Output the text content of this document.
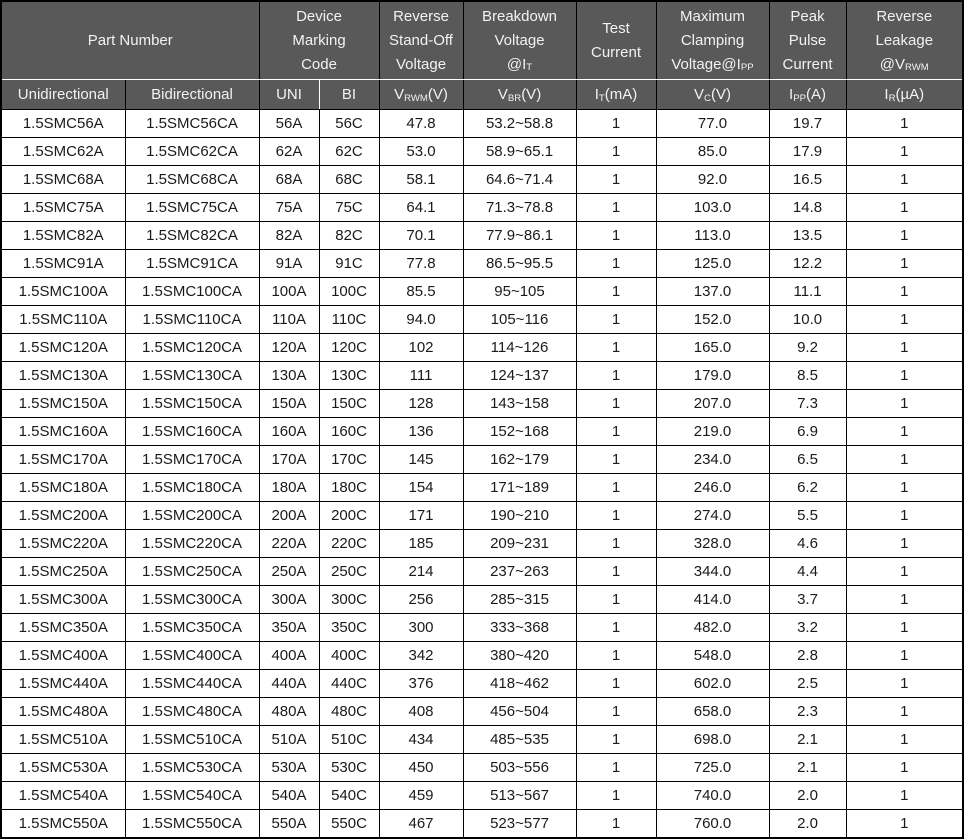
Part Number		Device
Marking
Code		Reverse
Stand-Off
Voltage	Breakdown
Voltage
$@I_T$	Test
Current	Maximum
Clamping
$Voltage@I_{PP}$	Peak
Pulse
Current	Reverse
Leakage
$@V_{RWM}$
Unidirectional	Bidirectional	UNI	BI	$V_{RWM}(V)$	$V_{BR}(V)$	$I_T(mA)$	$V_C(V)$	$I_{PP}(A)$	$I_R(\mu A)$
1.5SMC56A	1.5SMC56CA	56A	56C	47.8	53.2~58.8	1	77.0	19.7	1
1.5SMC62A	1.5SMC62CA	62A	62C	53.0	58.9~65.1	1	85.0	17.9	1
1.5SMC68A	1.5SMC68CA	68A	68C	58.1	64.6~71.4	1	92.0	16.5	1
1.5SMC75A	1.5SMC75CA	75A	75C	64.1	71.3~78.8	1	103.0	14.8	1
1.5SMC82A	1.5SMC82CA	82A	82C	70.1	77.9~86.1	1	113.0	13.5	1
1.5SMC91A	1.5SMC91CA	91A	91C	77.8	86.5~95.5	1	125.0	12.2	1
1.5SMC100A	1.5SMC100CA	100A	100C	85.5	95~105	1	137.0	11.1	1
1.5SMC110A	1.5SMC110CA	110A	110C	94.0	105~116	1	152.0	10.0	1
1.5SMC120A	1.5SMC120CA	120A	120C	102	114~126	1	165.0	9.2	1
1.5SMC130A	1.5SMC130CA	130A	130C	111	124~137	1	179.0	8.5	1
1.5SMC150A	1.5SMC150CA	150A	150C	128	143~158	1	207.0	7.3	1
1.5SMC160A	1.5SMC160CA	160A	160C	136	152~168	1	219.0	6.9	1
1.5SMC170A	1.5SMC170CA	170A	170C	145	162~179	1	234.0	6.5	1
1.5SMC180A	1.5SMC180CA	180A	180C	154	171~189	1	246.0	6.2	1
1.5SMC200A	1.5SMC200CA	200A	200C	171	190~210	1	274.0	5.5	1
1.5SMC220A	1.5SMC220CA	220A	220C	185	209~231	1	328.0	4.6	1
1.5SMC250A	1.5SMC250CA	250A	250C	214	237~263	1	344.0	4.4	1
1.5SMC300A	1.5SMC300CA	300A	300C	256	285~315	1	414.0	3.7	1
1.5SMC350A	1.5SMC350CA	350A	350C	300	333~368	1	482.0	3.2	1
1.5SMC400A	1.5SMC400CA	400A	400C	342	380~420	1	548.0	2.8	1
1.5SMC440A	1.5SMC440CA	440A	440C	376	418~462	1	602.0	2.5	1
1.5SMC480A	1.5SMC480CA	480A	480C	408	456~504	1	658.0	2.3	1
1.5SMC510A	1.5SMC510CA	510A	510C	434	485~535	1	698.0	2.1	1
1.5SMC530A	1.5SMC530CA	530A	530C	450	503~556	1	725.0	2.1	1
1.5SMC540A	1.5SMC540CA	540A	540C	459	513~567	1	740.0	2.0	1
1.5SMC550A	1.5SMC550CA	550A	550C	467	523~577	1	760.0	2.0	1
